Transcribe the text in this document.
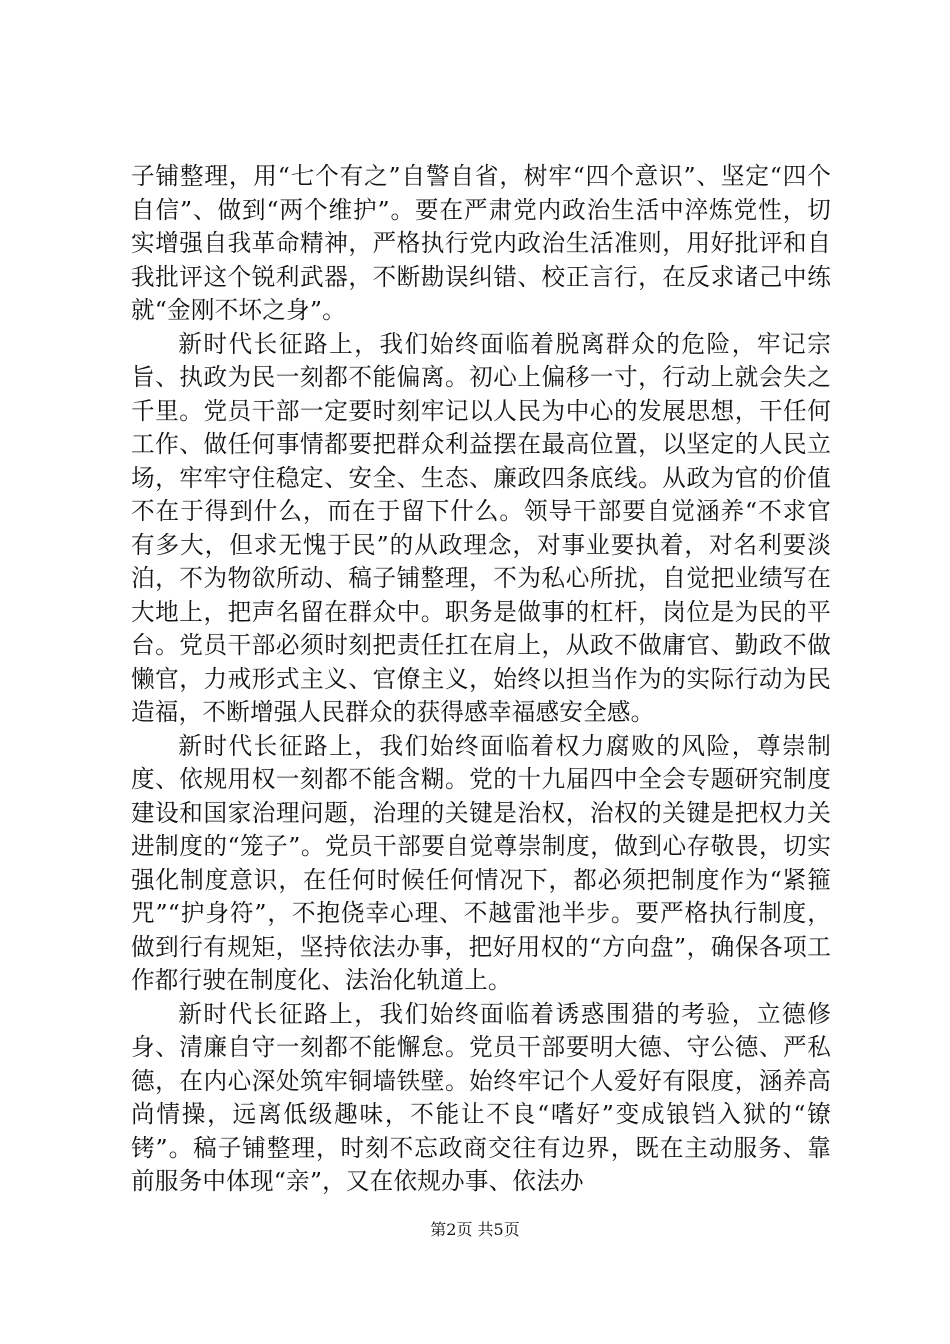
子铺整理，用“七个有之”自警自省，树牢“四个意识”、坚定“四个自信”、做到“两个维护”。要在严肃党内政治生活中淬炼党性，切实增强自我革命精神，严格执行党内政治生活准则，用好批评和自我批评这个锐利武器，不断勘误纠错、校正言行，在反求诸己中练就“金刚不坏之身”。

新时代长征路上，我们始终面临着脱离群众的危险，牢记宗旨、执政为民一刻都不能偏离。初心上偏移一寸，行动上就会失之千里。党员干部一定要时刻牢记以人民为中心的发展思想，干任何工作、做任何事情都要把群众利益摆在最高位置，以坚定的人民立场，牢牢守住稳定、安全、生态、廉政四条底线。从政为官的价值不在于得到什么，而在于留下什么。领导干部要自觉涵养“不求官有多大，但求无愧于民”的从政理念，对事业要执着，对名利要淡泊，不为物欲所动、稿子铺整理，不为私心所扰，自觉把业绩写在大地上，把声名留在群众中。职务是做事的杠杆，岗位是为民的平台。党员干部必须时刻把责任扛在肩上，从政不做庸官、勤政不做懒官，力戒形式主义、官僚主义，始终以担当作为的实际行动为民造福，不断增强人民群众的获得感幸福感安全感。

新时代长征路上，我们始终面临着权力腐败的风险，尊崇制度、依规用权一刻都不能含糊。党的十九届四中全会专题研究制度建设和国家治理问题，治理的关键是治权，治权的关键是把权力关进制度的“笼子”。党员干部要自觉尊崇制度，做到心存敬畏，切实强化制度意识，在任何时候任何情况下，都必须把制度作为“紧箍咒”“护身符”，不抱侥幸心理、不越雷池半步。要严格执行制度，做到行有规矩，坚持依法办事，把好用权的“方向盘”，确保各项工作都行驶在制度化、法治化轨道上。

新时代长征路上，我们始终面临着诱惑围猎的考验，立德修身、清廉自守一刻都不能懈怠。党员干部要明大德、守公德、严私德，在内心深处筑牢铜墙铁壁。始终牢记个人爱好有限度，涵养高尚情操，远离低级趣味，不能让不良“嗜好”变成锒铛入狱的“镣铐”。稿子铺整理，时刻不忘政商交往有边界，既在主动服务、靠前服务中体现“亲”，又在依规办事、依法办

第2页 共5页
